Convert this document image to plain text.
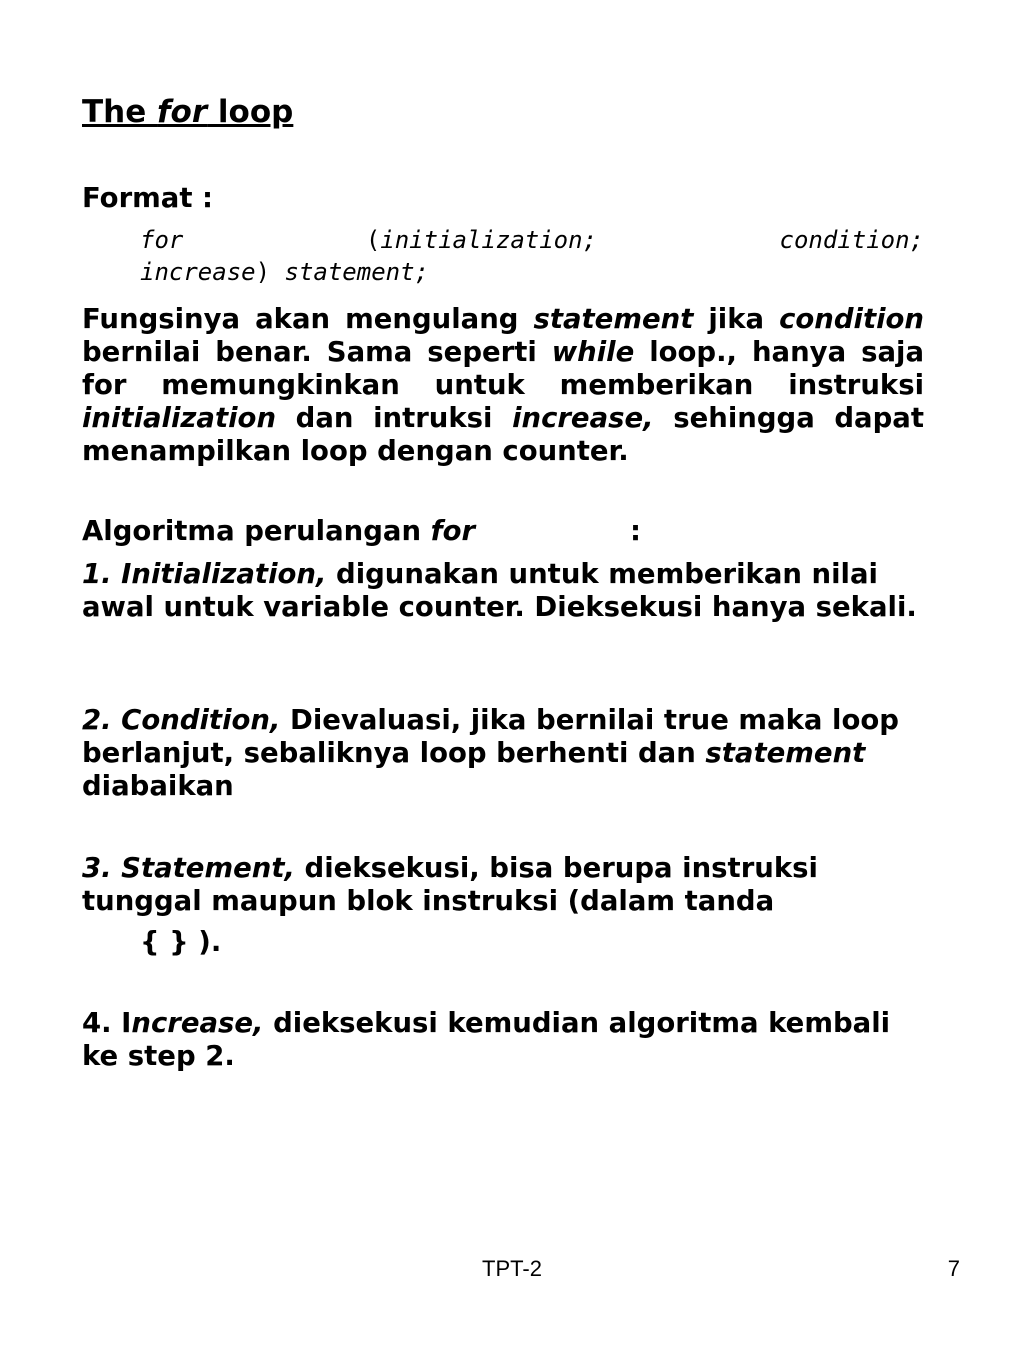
The for loop

Format :

for	(initialization;	condition;
increase) statement;

Fungsinya akan mengulang statement jika condition bernilai benar. Sama seperti while loop., hanya saja for memungkinkan untuk memberikan instruksi initialization dan intruksi increase, sehingga dapat menampilkan loop dengan counter.

Algoritma perulangan for	:

1. Initialization, digunakan untuk memberikan nilai awal untuk variable counter. Dieksekusi hanya sekali.

2. Condition, Dievaluasi, jika bernilai true maka loop berlanjut, sebaliknya loop berhenti dan statement diabaikan

3. Statement, dieksekusi, bisa berupa instruksi tunggal maupun blok instruksi (dalam tanda
{ } ).

4. Increase, dieksekusi kemudian algoritma kembali ke step 2.

TPT-2	7
